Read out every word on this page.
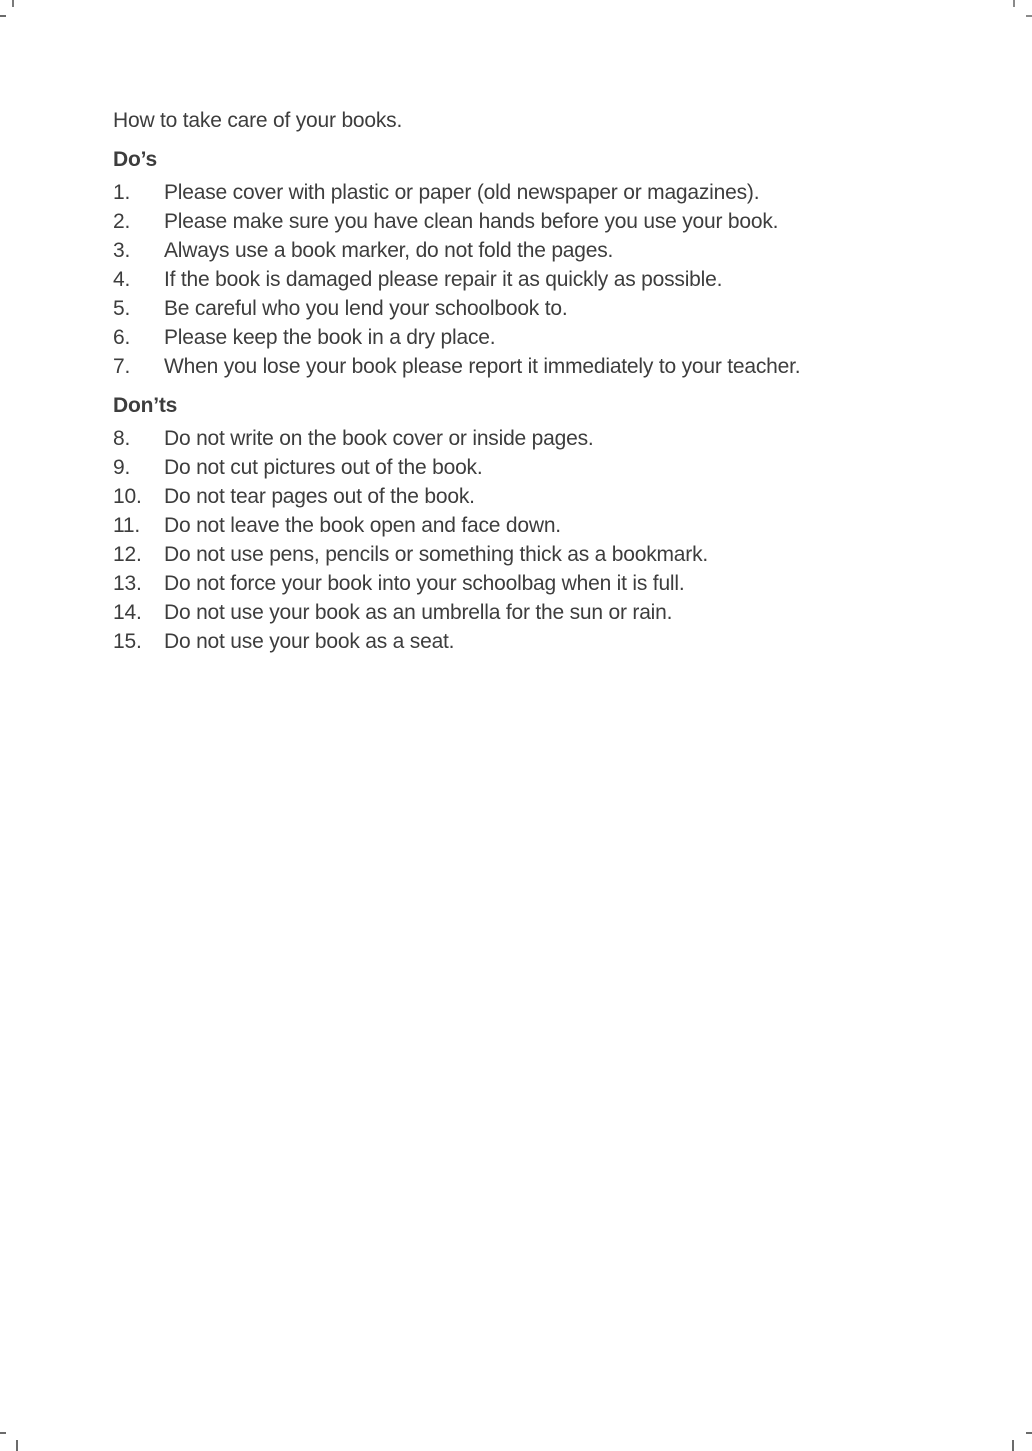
How to take care of your books.

Do’s
1.	Please cover with plastic or paper (old newspaper or magazines).
2.	Please make sure you have clean hands before you use your book.
3.	Always use a book marker, do not fold the pages.
4.	If the book is damaged please repair it as quickly as possible.
5.	Be careful who you lend your schoolbook to.
6.	Please keep the book in a dry place.
7.	When you lose your book please report it immediately to your teacher.
Don’ts
8.	Do not write on the book cover or inside pages.
9.	Do not cut pictures out of the book.
10.	Do not tear pages out of the book.
11.	Do not leave the book open and face down.
12.	Do not use pens, pencils or something thick as a bookmark.
13.	Do not force your book into your schoolbag when it is full.
14.	Do not use your book as an umbrella for the sun or rain.
15.	Do not use your book as a seat.
